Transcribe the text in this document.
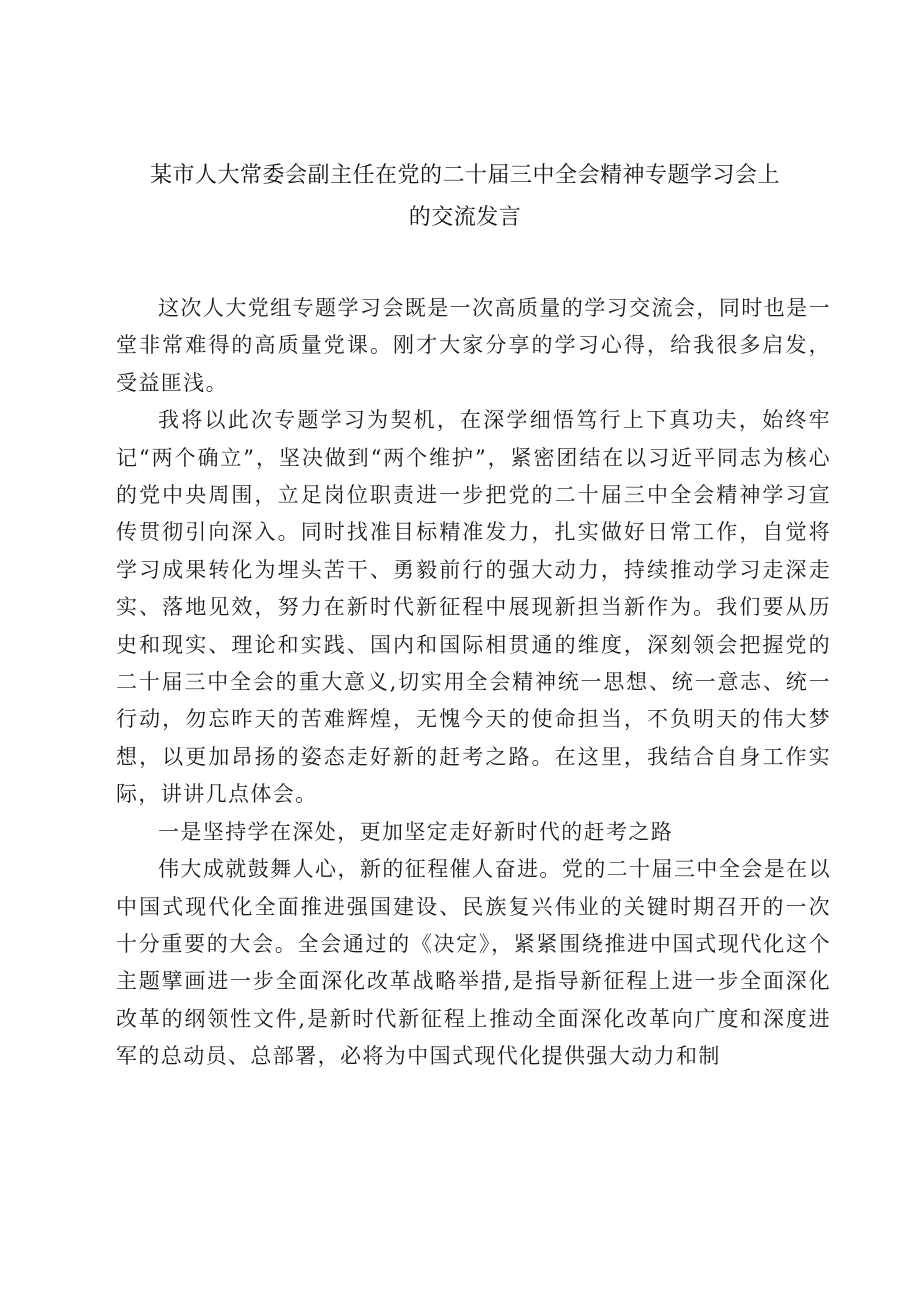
某市人大常委会副主任在党的二十届三中全会精神专题学习会上
的交流发言

这次人大党组专题学习会既是一次高质量的学习交流会，同时也是一堂非常难得的高质量党课。刚才大家分享的学习心得，给我很多启发，受益匪浅。

我将以此次专题学习为契机，在深学细悟笃行上下真功夫，始终牢记“两个确立”，坚决做到“两个维护”，紧密团结在以习近平同志为核心的党中央周围，立足岗位职责进一步把党的二十届三中全会精神学习宣传贯彻引向深入。同时找准目标精准发力，扎实做好日常工作，自觉将学习成果转化为埋头苦干、勇毅前行的强大动力，持续推动学习走深走实、落地见效，努力在新时代新征程中展现新担当新作为。我们要从历史和现实、理论和实践、国内和国际相贯通的维度，深刻领会把握党的二十届三中全会的重大意义,切实用全会精神统一思想、统一意志、统一行动，勿忘昨天的苦难辉煌，无愧今天的使命担当，不负明天的伟大梦想，以更加昂扬的姿态走好新的赶考之路。在这里，我结合自身工作实际，讲讲几点体会。

一是坚持学在深处，更加坚定走好新时代的赶考之路

伟大成就鼓舞人心，新的征程催人奋进。党的二十届三中全会是在以中国式现代化全面推进强国建设、民族复兴伟业的关键时期召开的一次十分重要的大会。全会通过的《决定》，紧紧围绕推进中国式现代化这个主题擘画进一步全面深化改革战略举措,是指导新征程上进一步全面深化改革的纲领性文件,是新时代新征程上推动全面深化改革向广度和深度进军的总动员、总部署，必将为中国式现代化提供强大动力和制
